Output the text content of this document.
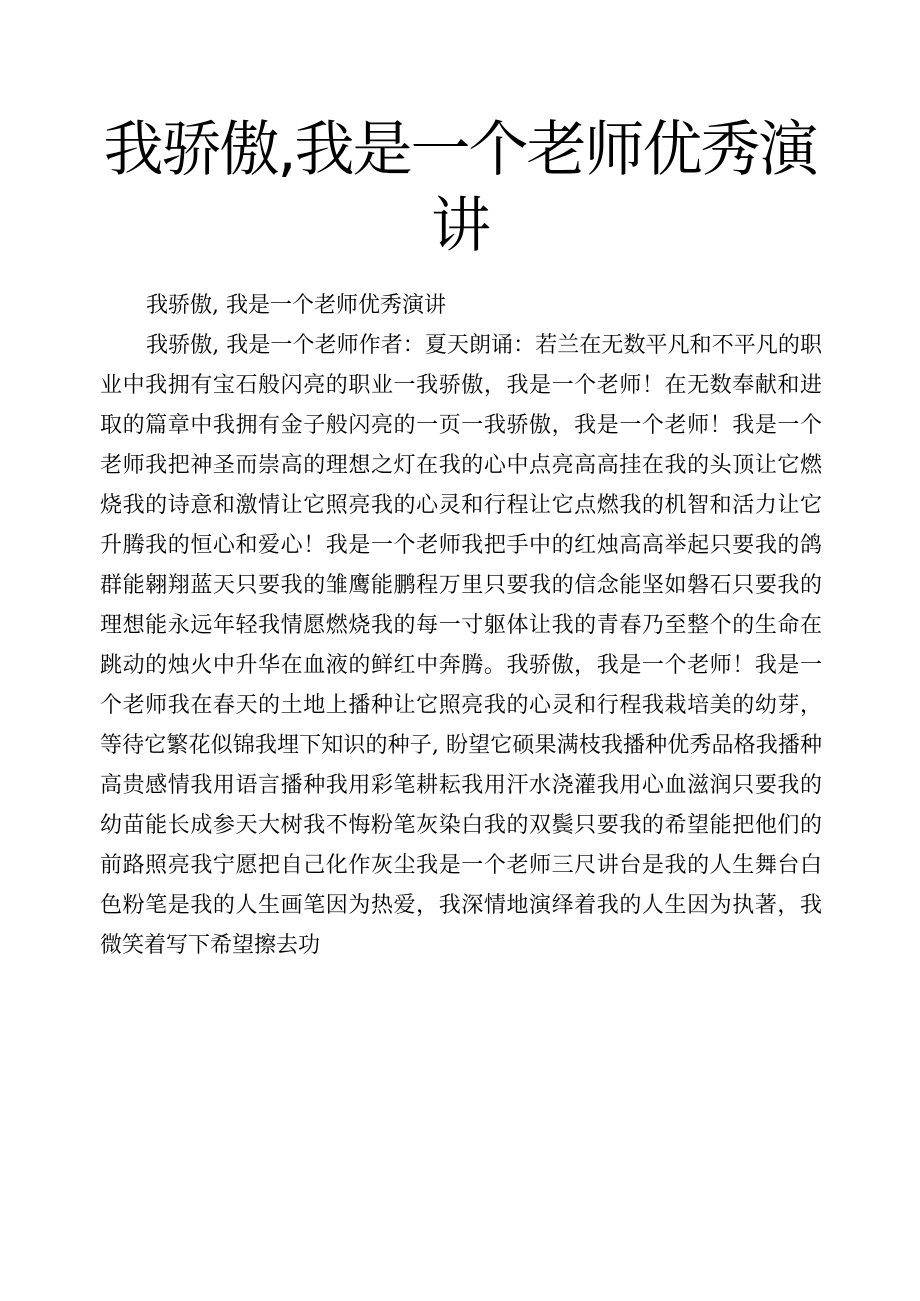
我骄傲,我是一个老师优秀演讲

我骄傲, 我是一个老师优秀演讲

我骄傲, 我是一个老师作者：夏天朗诵：若兰在无数平凡和不平凡的职业中我拥有宝石般闪亮的职业一我骄傲，我是一个老师！在无数奉献和进取的篇章中我拥有金子般闪亮的一页一我骄傲，我是一个老师！我是一个老师我把神圣而崇高的理想之灯在我的心中点亮高高挂在我的头顶让它燃烧我的诗意和激情让它照亮我的心灵和行程让它点燃我的机智和活力让它升腾我的恒心和爱心！我是一个老师我把手中的红烛高高举起只要我的鸽群能翱翔蓝天只要我的雏鹰能鹏程万里只要我的信念能坚如磐石只要我的理想能永远年轻我情愿燃烧我的每一寸躯体让我的青春乃至整个的生命在跳动的烛火中升华在血液的鲜红中奔腾。我骄傲，我是一个老师！我是一个老师我在春天的土地上播种让它照亮我的心灵和行程我栽培美的幼芽，等待它繁花似锦我埋下知识的种子, 盼望它硕果满枝我播种优秀品格我播种高贵感情我用语言播种我用彩笔耕耘我用汗水浇灌我用心血滋润只要我的幼苗能长成参天大树我不悔粉笔灰染白我的双鬓只要我的希望能把他们的前路照亮我宁愿把自己化作灰尘我是一个老师三尺讲台是我的人生舞台白色粉笔是我的人生画笔因为热爱，我深情地演绎着我的人生因为执著，我微笑着写下希望擦去功
